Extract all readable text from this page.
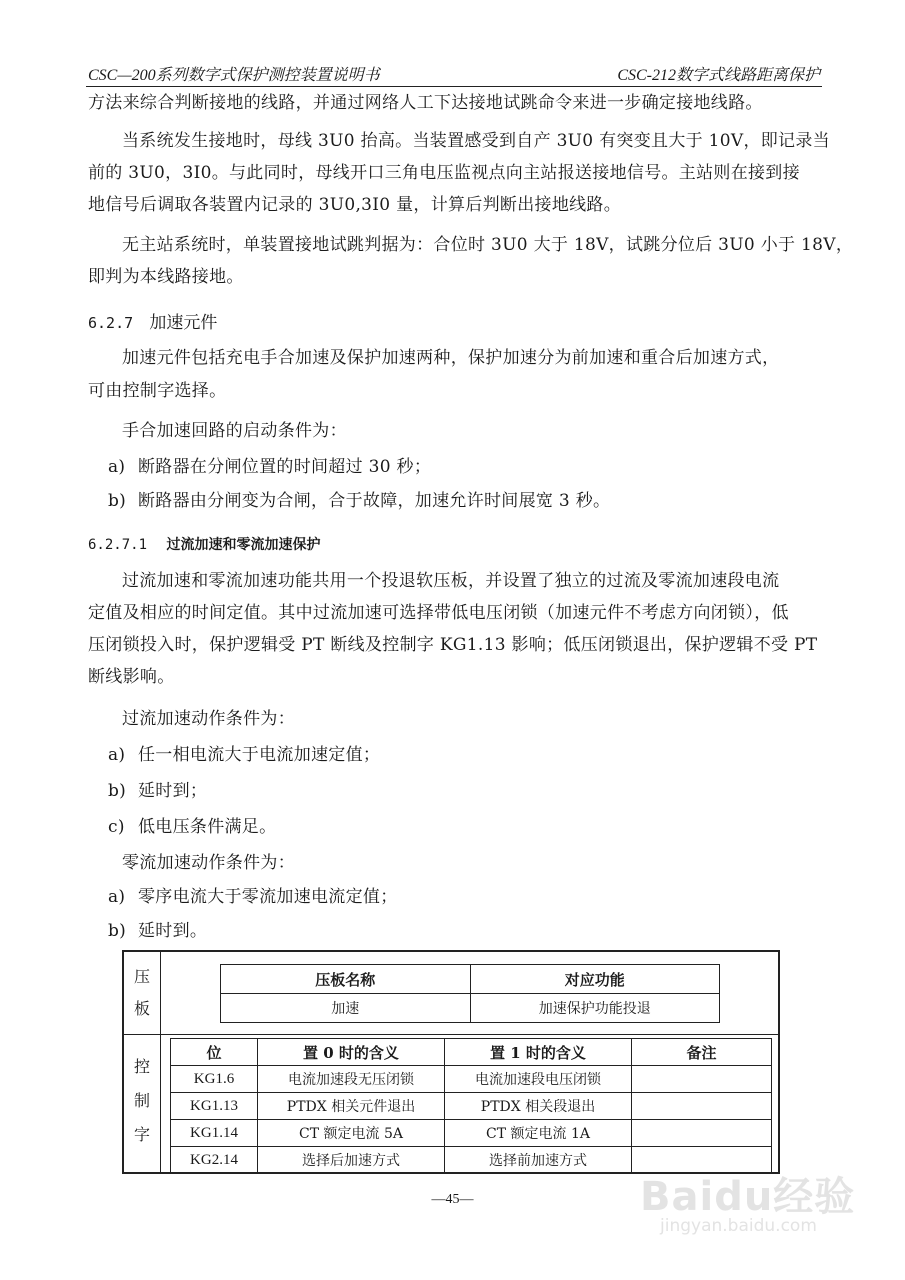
CSC—200系列数字式保护测控装置说明书	CSC-212数字式线路距离保护
方法来综合判断接地的线路，并通过网络人工下达接地试跳命令来进一步确定接地线路。
当系统发生接地时，母线 3U0 抬高。当装置感受到自产 3U0 有突变且大于 10V，即记录当
前的 3U0，3I0。与此同时，母线开口三角电压监视点向主站报送接地信号。主站则在接到接
地信号后调取各装置内记录的 3U0,3I0 量，计算后判断出接地线路。
无主站系统时，单装置接地试跳判据为：合位时 3U0 大于 18V，试跳分位后 3U0 小于 18V，
即判为本线路接地。
6.2.7 加速元件
加速元件包括充电手合加速及保护加速两种，保护加速分为前加速和重合后加速方式，
可由控制字选择。
手合加速回路的启动条件为：
a) 断路器在分闸位置的时间超过 30 秒；
b) 断路器由分闸变为合闸，合于故障，加速允许时间展宽 3 秒。
6.2.7.1 过流加速和零流加速保护
过流加速和零流加速功能共用一个投退软压板，并设置了独立的过流及零流加速段电流
定值及相应的时间定值。其中过流加速可选择带低电压闭锁（加速元件不考虑方向闭锁），低
压闭锁投入时，保护逻辑受 PT 断线及控制字 KG1.13 影响；低压闭锁退出，保护逻辑不受 PT
断线影响。
过流加速动作条件为：
a) 任一相电流大于电流加速定值；
b) 延时到；
c) 低电压条件满足。
零流加速动作条件为：
a) 零序电流大于零流加速电流定值；
b) 延时到。
压
板
控
制
字
压板名称	对应功能
加速	加速保护功能投退
位	置 0 时的含义	置 1 时的含义	备注
KG1.6	电流加速段无压闭锁	电流加速段电压闭锁	
KG1.13	PTDX 相关元件退出	PTDX 相关段退出	
KG1.14	CT 额定电流 5A	CT 额定电流 1A	
KG2.14	选择后加速方式	选择前加速方式	
—45—	Baidu经验
jingyan.baidu.com
